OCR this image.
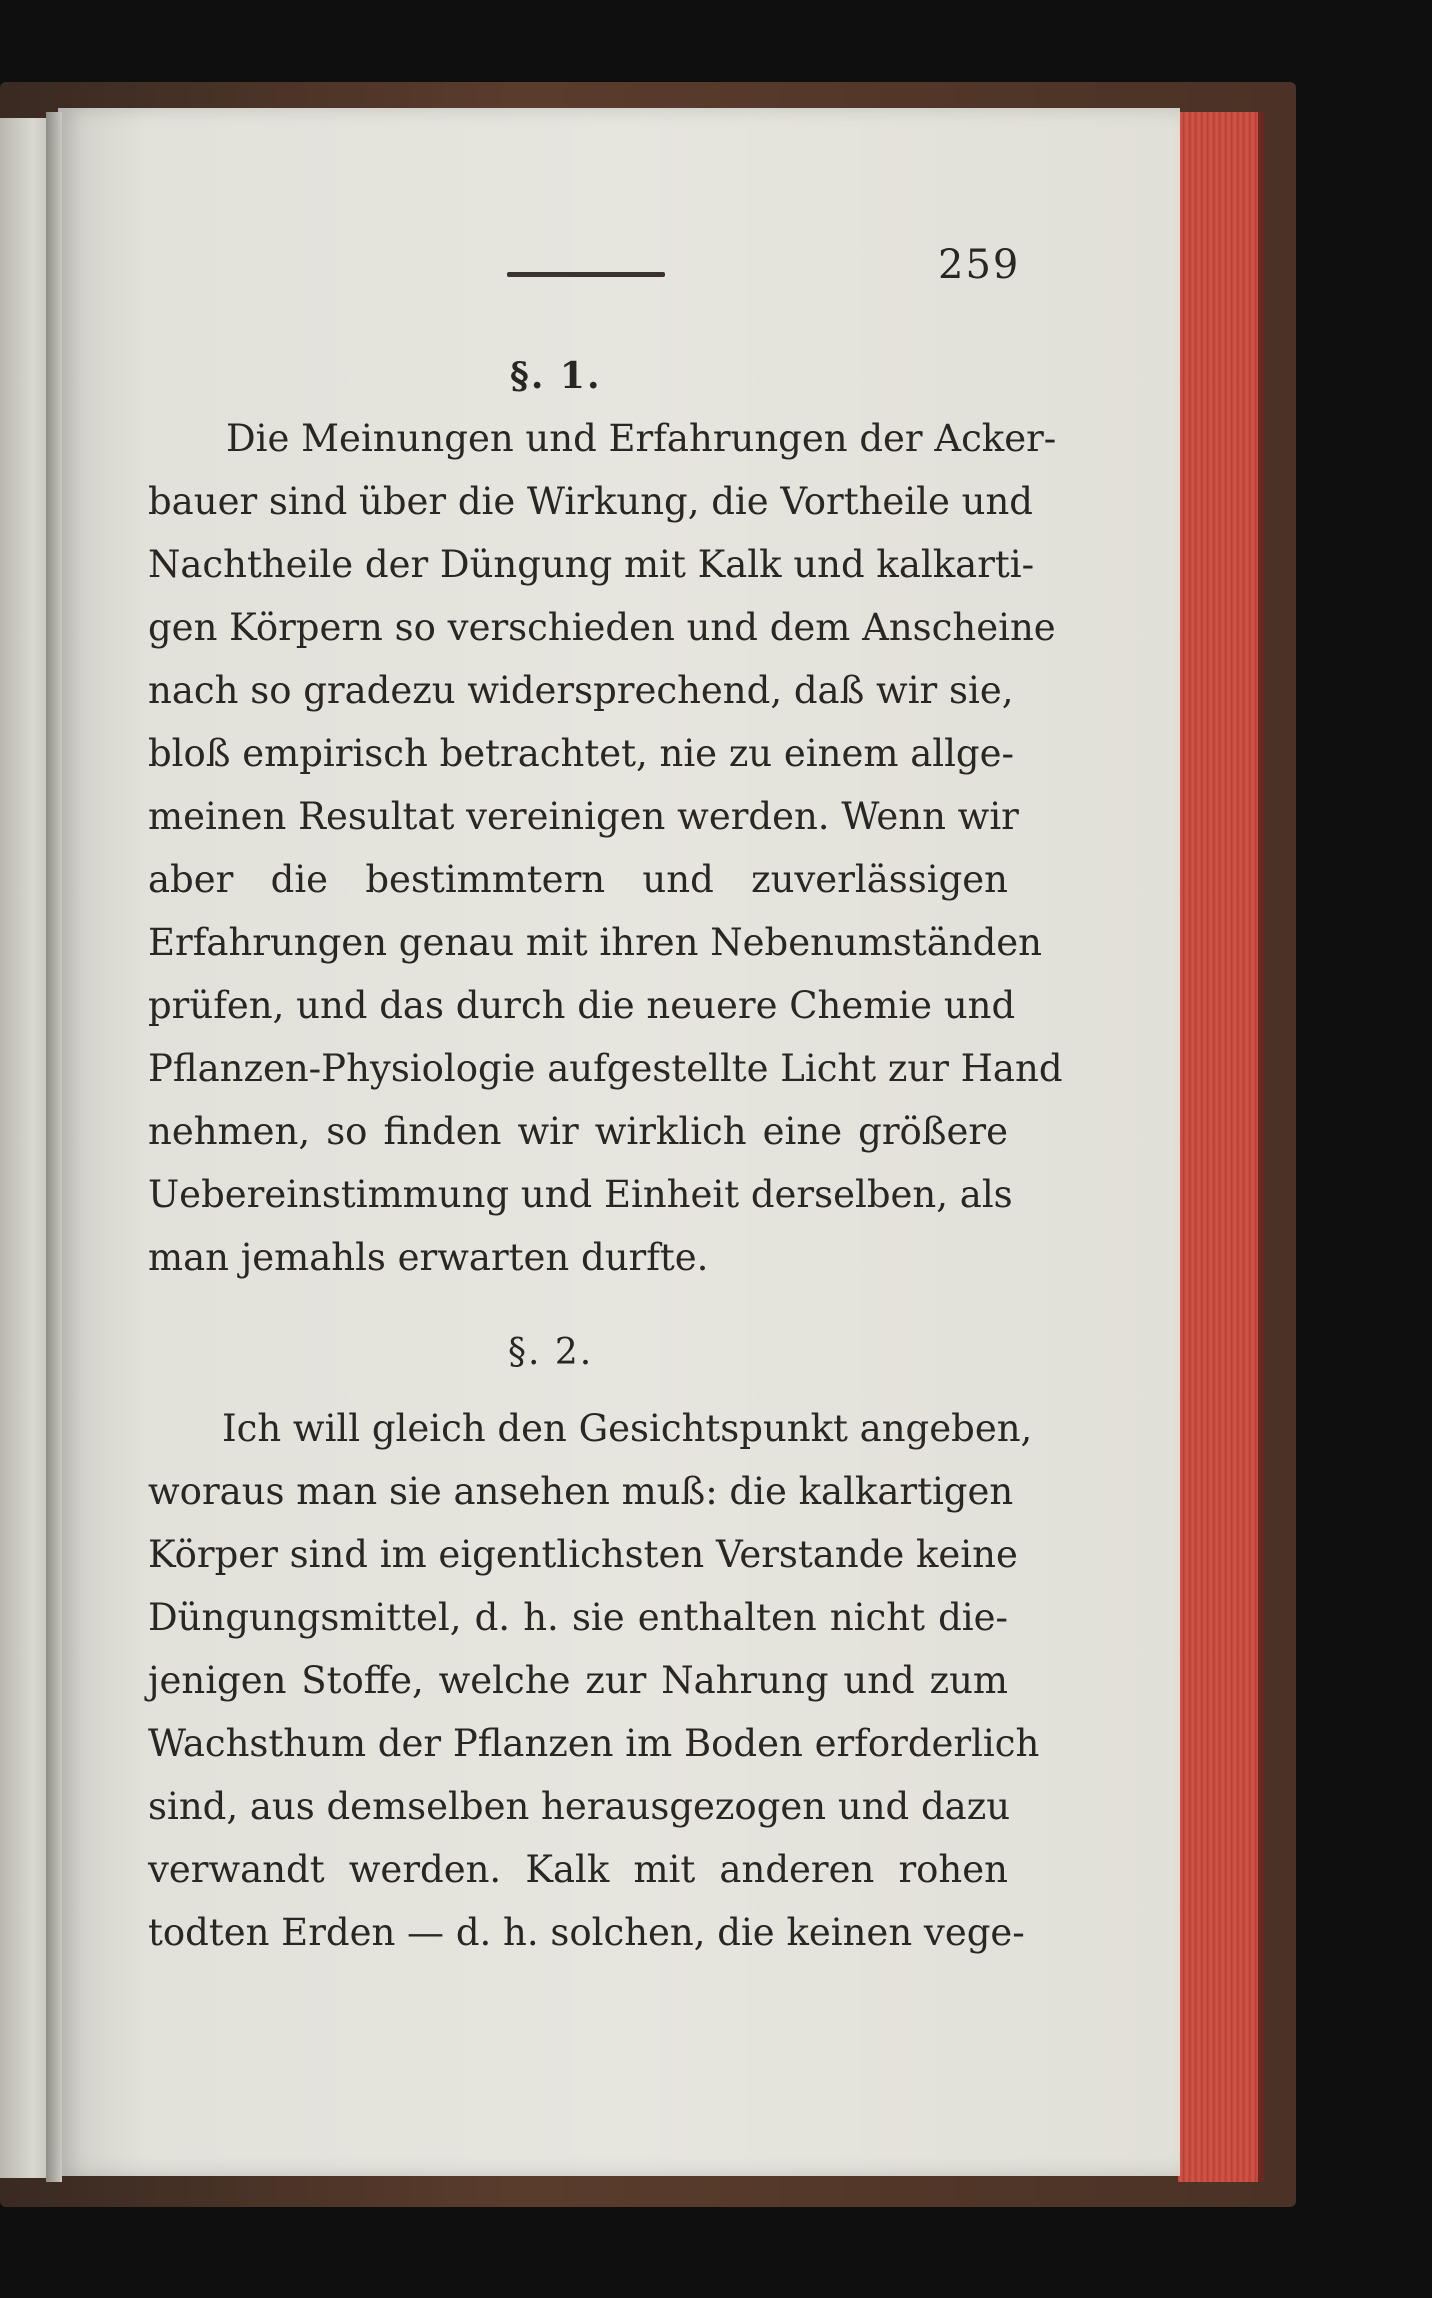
259
§. 1.
Die Meinungen und Erfahrungen der Acker-
bauer sind über die Wirkung, die Vortheile und
Nachtheile der Düngung mit Kalk und kalkarti-
gen Körpern so verschieden und dem Anscheine
nach so gradezu widersprechend, daß wir sie,
bloß empirisch betrachtet, nie zu einem allge-
meinen Resultat vereinigen werden. Wenn wir
aber die bestimmtern und zuverlässigen
Erfahrungen genau mit ihren Nebenumständen
prüfen, und das durch die neuere Chemie und
Pflanzen-Physiologie aufgestellte Licht zur Hand
nehmen, so finden wir wirklich eine größere
Uebereinstimmung und Einheit derselben, als
man jemahls erwarten durfte.
§. 2.
Ich will gleich den Gesichtspunkt angeben,
woraus man sie ansehen muß: die kalkartigen
Körper sind im eigentlichsten Verstande keine
Düngungsmittel, d. h. sie enthalten nicht die-
jenigen Stoffe, welche zur Nahrung und zum
Wachsthum der Pflanzen im Boden erforderlich
sind, aus demselben herausgezogen und dazu
verwandt werden. Kalk mit anderen rohen
todten Erden — d. h. solchen, die keinen vege-
